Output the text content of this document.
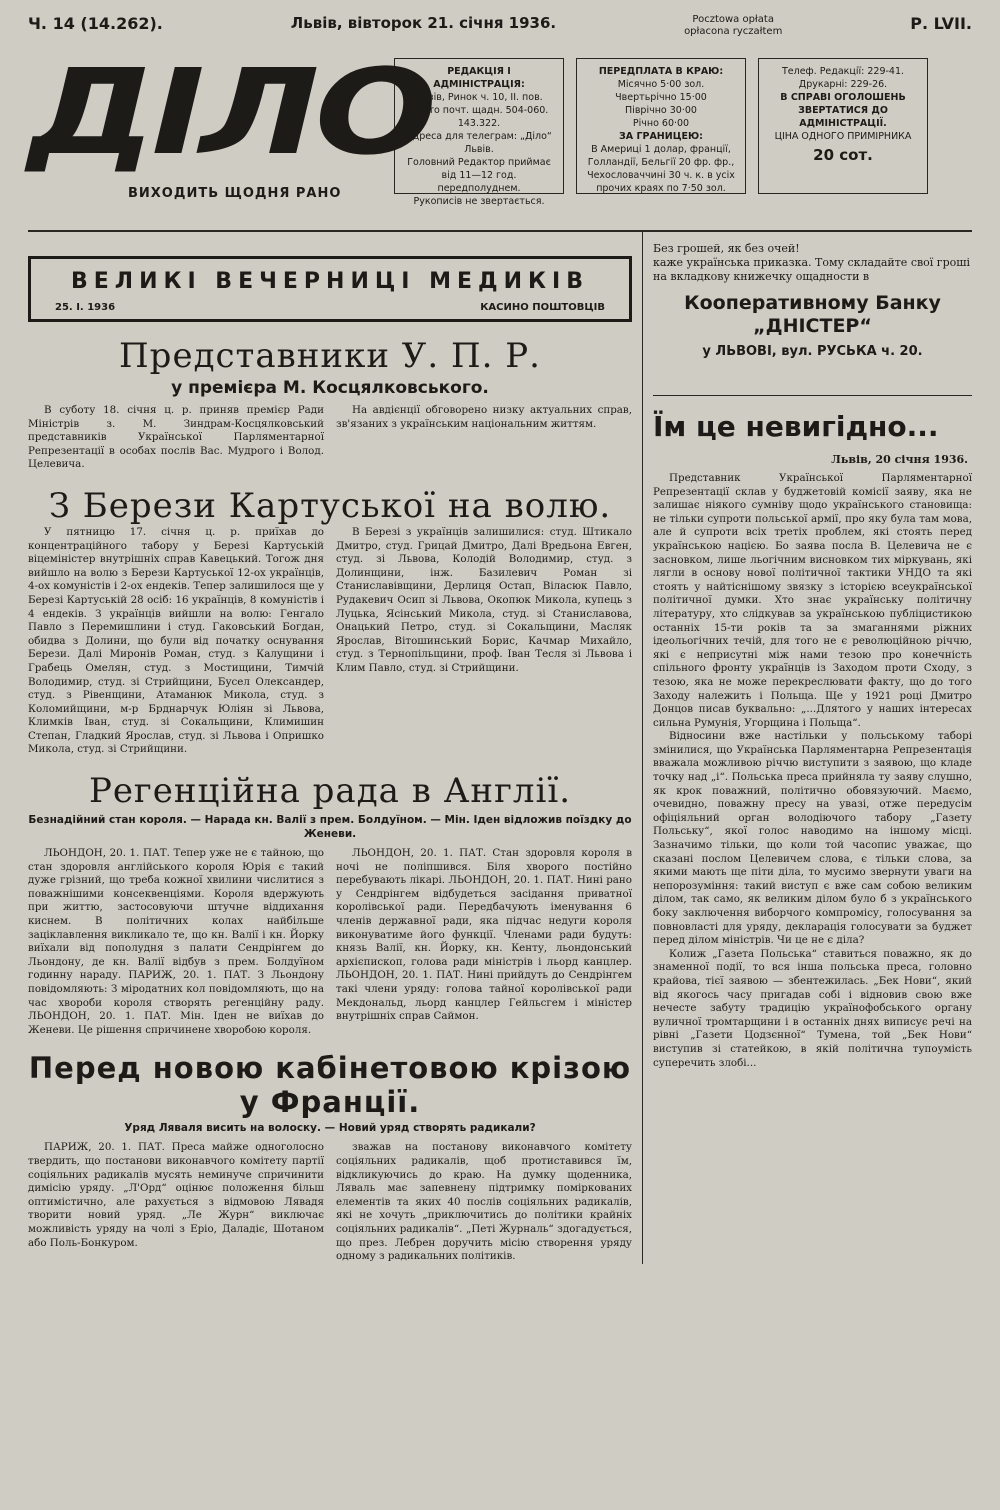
Ч. 14 (14.262).	Львів, вівторок 21. січня 1936.	Pocztowa opłata
opłacona ryczałtem	Р. LVII.
ДІЛО
ВИХОДИТЬ ЩОДНЯ РАНО
РЕДАКЦІЯ І АДМІНІСТРАЦІЯ:
Львів, Ринок ч. 10, II. пов.
Конто почт. щадн. 504-060. 143.322.
Адреса для телеграм: „Діло“ Львів.
Головний Редактор приймає від 11—12 год. передполуднем.
Рукописів не звертається.
ПЕРЕДПЛАТА В КРАЮ:
Місячно 5·00 зол.
Чвертьрічно 15·00
Піврічно 30·00
Річно 60·00
ЗА ГРАНИЦЕЮ:
В Америці 1 долар, франції, Голландії, Бельгії 20 фр. фр., Чехословаччині 30 ч. к. в усіх прочих краях по 7·50 зол.
Телеф. Редакції: 229-41.
Друкарні: 229-26.
В СПРАВІ ОГОЛОШЕНЬ ЗВЕРТАТИСЯ ДО АДМІНІСТРАЦІЇ.
ЦІНА ОДНОГО ПРИМІРНИКА
20 сот.
ВЕЛИКІ ВЕЧЕРНИЦІ МЕДИКІВ
25. І. 1936	КАСИНО ПОШТОВЦІВ
Представники У. П. Р.
у премієра М. Косцялковського.

В суботу 18. січня ц. р. приняв премієр Ради Міністрів з. М. Зиндрам-Косцялковський представників Української Парляментарної Репрезентації в особах послів Вас. Мудрого і Волод. Целевича.

На авдієнції обговорено низку актуальних справ, зв'язаних з українським національним життям.

З Берези Картуської на волю.

У пятницю 17. січня ц. р. приїхав до концентраційного табору у Березі Картуській віцеміністер внутрішніх справ Кавецький. Тогож дня вийшло на волю з Берези Картуської 12-ох українців, 4-ох комуністів і 2-ох ендеків. Тепер залишилося ще у Березі Картуській 28 осіб: 16 українців, 8 комуністів і 4 ендеків. З українців вийшли на волю: Генгало Павло з Перемишлини і студ. Гаковський Богдан, обидва з Долини, що були від початку оснування Берези. Далі Миронів Роман, студ. з Калущини і Грабець Омелян, студ. з Мостищини, Тимчій Володимир, студ. зі Стрийщини, Бусел Олександер, студ. з Рівенщини, Атаманюк Микола, студ. з Коломийщини, м-р Брднарчук Юліян зі Львова, Климків Іван, студ. зі Сокальщини, Климишин Степан, Гладкий Ярослав, студ. зі Львова і Опришко Микола, студ. зі Стрийщини.

В Березі з українців залишилися: студ. Штикало Дмитро, студ. Грицай Дмитро, Далі Вредьона Евген, студ. зі Львова, Колодій Володимир, студ. з Долинщини, інж. Базилевич Роман зі Станиславівщини, Дерлиця Остап, Віласюк Павло, Рудакевич Осип зі Львова, Окопюк Микола, купець з Луцька, Ясінський Микола, студ. зі Станиславова, Онацький Петро, студ. зі Сокальщини, Масляк Ярослав, Вітошинський Борис, Качмар Михайло, студ. з Тернопільщини, проф. Іван Тесля зі Львова і Клим Павло, студ. зі Стрийщини.

Регенційна рада в Англії.
Безнадійний стан короля. — Нарада кн. Валії з прем. Болдуїном. — Мін. Іден відложив поїздку до Женеви.

ЛЬОНДОН, 20. 1. ПАТ. Тепер уже не є тайною, що стан здоровля англійського короля Юрія є такий дуже грізний, що треба кожної хвилини числитися з поважнішими консеквенціями. Короля вдержують при життю, застосовуючи штучне віддихання киснем. В політичних колах найбільше заціклавлення викликало те, що кн. Валії і кн. Йорку виїхали від пополудня з палати Сендрінгем до Льондону, де кн. Валії відбув з прем. Болдуїном годинну нараду. ПАРИЖ, 20. 1. ПАТ. З Льондону повідомляють: З міродатних кол повідомляють, що на час хвороби короля створять регенційну раду. ЛЬОНДОН, 20. 1. ПАТ. Мін. Іден не виїхав до Женеви. Це рішення спричинене хворобою короля.

ЛЬОНДОН, 20. 1. ПАТ. Стан здоровля короля в ночі не поліпшився. Біля хворого постійно перебувають лікарі. ЛЬОНДОН, 20. 1. ПАТ. Нині рано у Сендрінгем відбудеться засідання приватної королівської ради. Передбачують іменування 6 членів державної ради, яка підчас недуги короля виконуватиме його функції. Членами ради будуть: князь Валії, кн. Йорку, кн. Кенту, льондонський архієпископ, голова ради міністрів і льорд канцлер. ЛЬОНДОН, 20. 1. ПАТ. Нині прийдуть до Сендрінгем такі члени уряду: голова тайної королівської ради Мекдональд, льорд канцлер Гейльсгем і міністер внутрішніх справ Саймон.

Перед новою кабінетовою крізою у Франції.
Уряд Ляваля висить на волоску. — Новий уряд створять радикали?

ПАРИЖ, 20. 1. ПАТ. Преса майже одноголосно твердить, що постанови виконавчого комітету партії соціяльних радикалів мусять неминуче спричинити димісію уряду. „Л'Орд“ оцінює положення більш оптимістично, але рахується з відмовою Лявадя творити новий уряд. „Ле Журн“ виключає можливість уряду на чолі з Еріо, Даладіє, Шотаном або Поль-Бонкуром.

зважав на постанову виконавчого комітету соціяльних радикалів, щоб протиставився їм, відкликуючись до краю. На думку щоденника, Ляваль має запевнену підтримку поміркованих елементів та яких 40 послів соціяльних радикалів, які не хочуть „приключитись до політики крайніх соціяльних радикалів“. „Петі Журналь“ здогадується, що през. Лебрен доручить місію створення уряду одному з радикальних політиків.

Без грошей, як без очей!
каже українська приказка. Тому складайте свої гроші на вкладкову книжечку ощадности в
Кооперативному Банку „ДНІСТЕР“
у ЛЬВОВІ, вул. РУСЬКА ч. 20.
Їм це невигідно...
Львів, 20 січня 1936.

Представник Української Парляментарної Репрезентації склав у буджетовій комісії заяву, яка не залишає ніякого сумніву щодо українського становища: не тільки супроти польської армії, про яку була там мова, але й супроти всіх третіх проблем, які стоять перед українською нацією. Бо заява посла В. Целевича не є засновком, лише льогічним висновком тих міркувань, які лягли в основу нової політичної тактики УНДО та які стоять у найтіснішому звязку з історією всеукраїнської політичної думки. Хто знає українську політичну літературу, хто слідкував за українською публіцистикою останніх 15-ти років та за змаганнями ріжних ідеольогічних течій, для того не є революційною річчю, які є неприсутні між нами тезою про конечність спільного фронту українців із Заходом проти Сходу, з тезою, яка не може перекреслювати факту, що до того Заходу належить і Польща. Ще у 1921 році Дмитро Донцов писав буквально: „...Длятого у наших інтересах сильна Румунія, Угорщина і Польща“.

Відносини вже настільки у польському таборі змінилися, що Українська Парляментарна Репрезентація вважала можливою річчю виступити з заявою, що кладе точку над „і“. Польська преса прийняла ту заяву слушно, як крок поважний, політично обовязуючий. Маємо, очевидно, поважну пресу на увазі, отже передусім офіціяльний орган володіючого табору „Газету Польську“, якої голос наводимо на іншому місці. Зазначимо тільки, що коли той часопис уважає, що сказані послом Целевичем слова, є тільки слова, за якими мають ще піти діла, то мусимо звернути уваги на непорозуміння: такий виступ є вже сам собою великим ділом, так само, як великим ділом було б з українського боку заключення виборчого компромісу, голосування за повновласті для уряду, декларація голосувати за буджет перед ділом міністрів. Чи це не є діла?

Колиж „Газета Польська“ ставиться поважно, як до знаменної події, то вся інша польська преса, головно крайова, тієї заявою — збентежилась. „Бек Нови“, який від якогось часу пригадав собі і відновив свою вже нечесте забуту традицію українофобського органу вуличної тромтарщини і в останніх днях виписує речі на рівні „Газети Цодзєнної“ Тумена, той „Бек Нови“ виступив зі статейкою, в якій політична тупоумість суперечить злобі...
